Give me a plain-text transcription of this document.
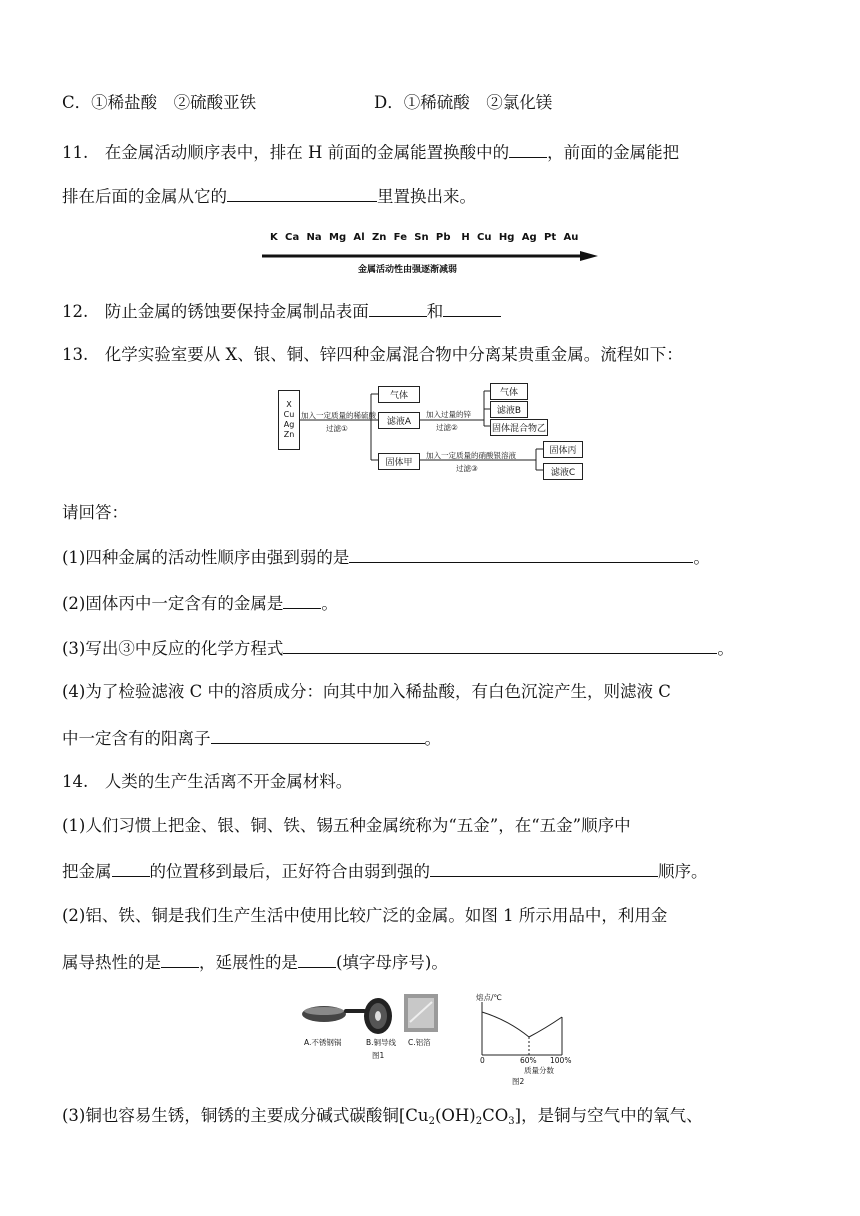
C．①稀盐酸　②硫酸亚铁	D．①稀硫酸　②氯化镁
11.　在金属活动顺序表中，排在 H 前面的金属能置换酸中的 ，前面的金属能把
排在后面的金属从它的	里置换出来。
K  Ca  Na  Mg  Al  Zn  Fe  Sn  Pb   H  Cu  Hg  Ag  Pt  Au
金属活动性由强逐渐减弱
12.　防止金属的锈蚀要保持金属制品表面	和
13.　化学实验室要从 X、银、铜、锌四种金属混合物中分离某贵重金属。流程如下：
X
Cu
Ag
Zn
加入一定质量的稀硫酸
过滤①
气体
滤液A
加入过量的锌
过滤②
气体
滤液B
固体混合物乙
固体甲
加入一定质量的硝酸银溶液
过滤③
固体丙
滤液C
请回答：
(1)四种金属的活动性顺序由强到弱的是	。
(2)固体丙中一定含有的金属是 。
(3)写出③中反应的化学方程式	。
(4)为了检验滤液 C 中的溶质成分：向其中加入稀盐酸，有白色沉淀产生，则滤液 C
中一定含有的阳离子	。
14.　人类的生产生活离不开金属材料。
(1)人们习惯上把金、银、铜、铁、锡五种金属统称为“五金”，在“五金”顺序中
把金属 的位置移到最后，正好符合由弱到强的	顺序。
(2)铝、铁、铜是我们生产生活中使用比较广泛的金属。如图 1 所示用品中，利用金
属导热性的是 ，延展性的是 (填字母序号)。
A.不锈钢锅	B.铜导线 C.铝箔
图1
熔点/℃
0	60% 100%
质量分数
图2
(3)铜也容易生锈，铜锈的主要成分碱式碳酸铜$[Cu_2(OH)_2CO_3]$，是铜与空气中的氧气、
